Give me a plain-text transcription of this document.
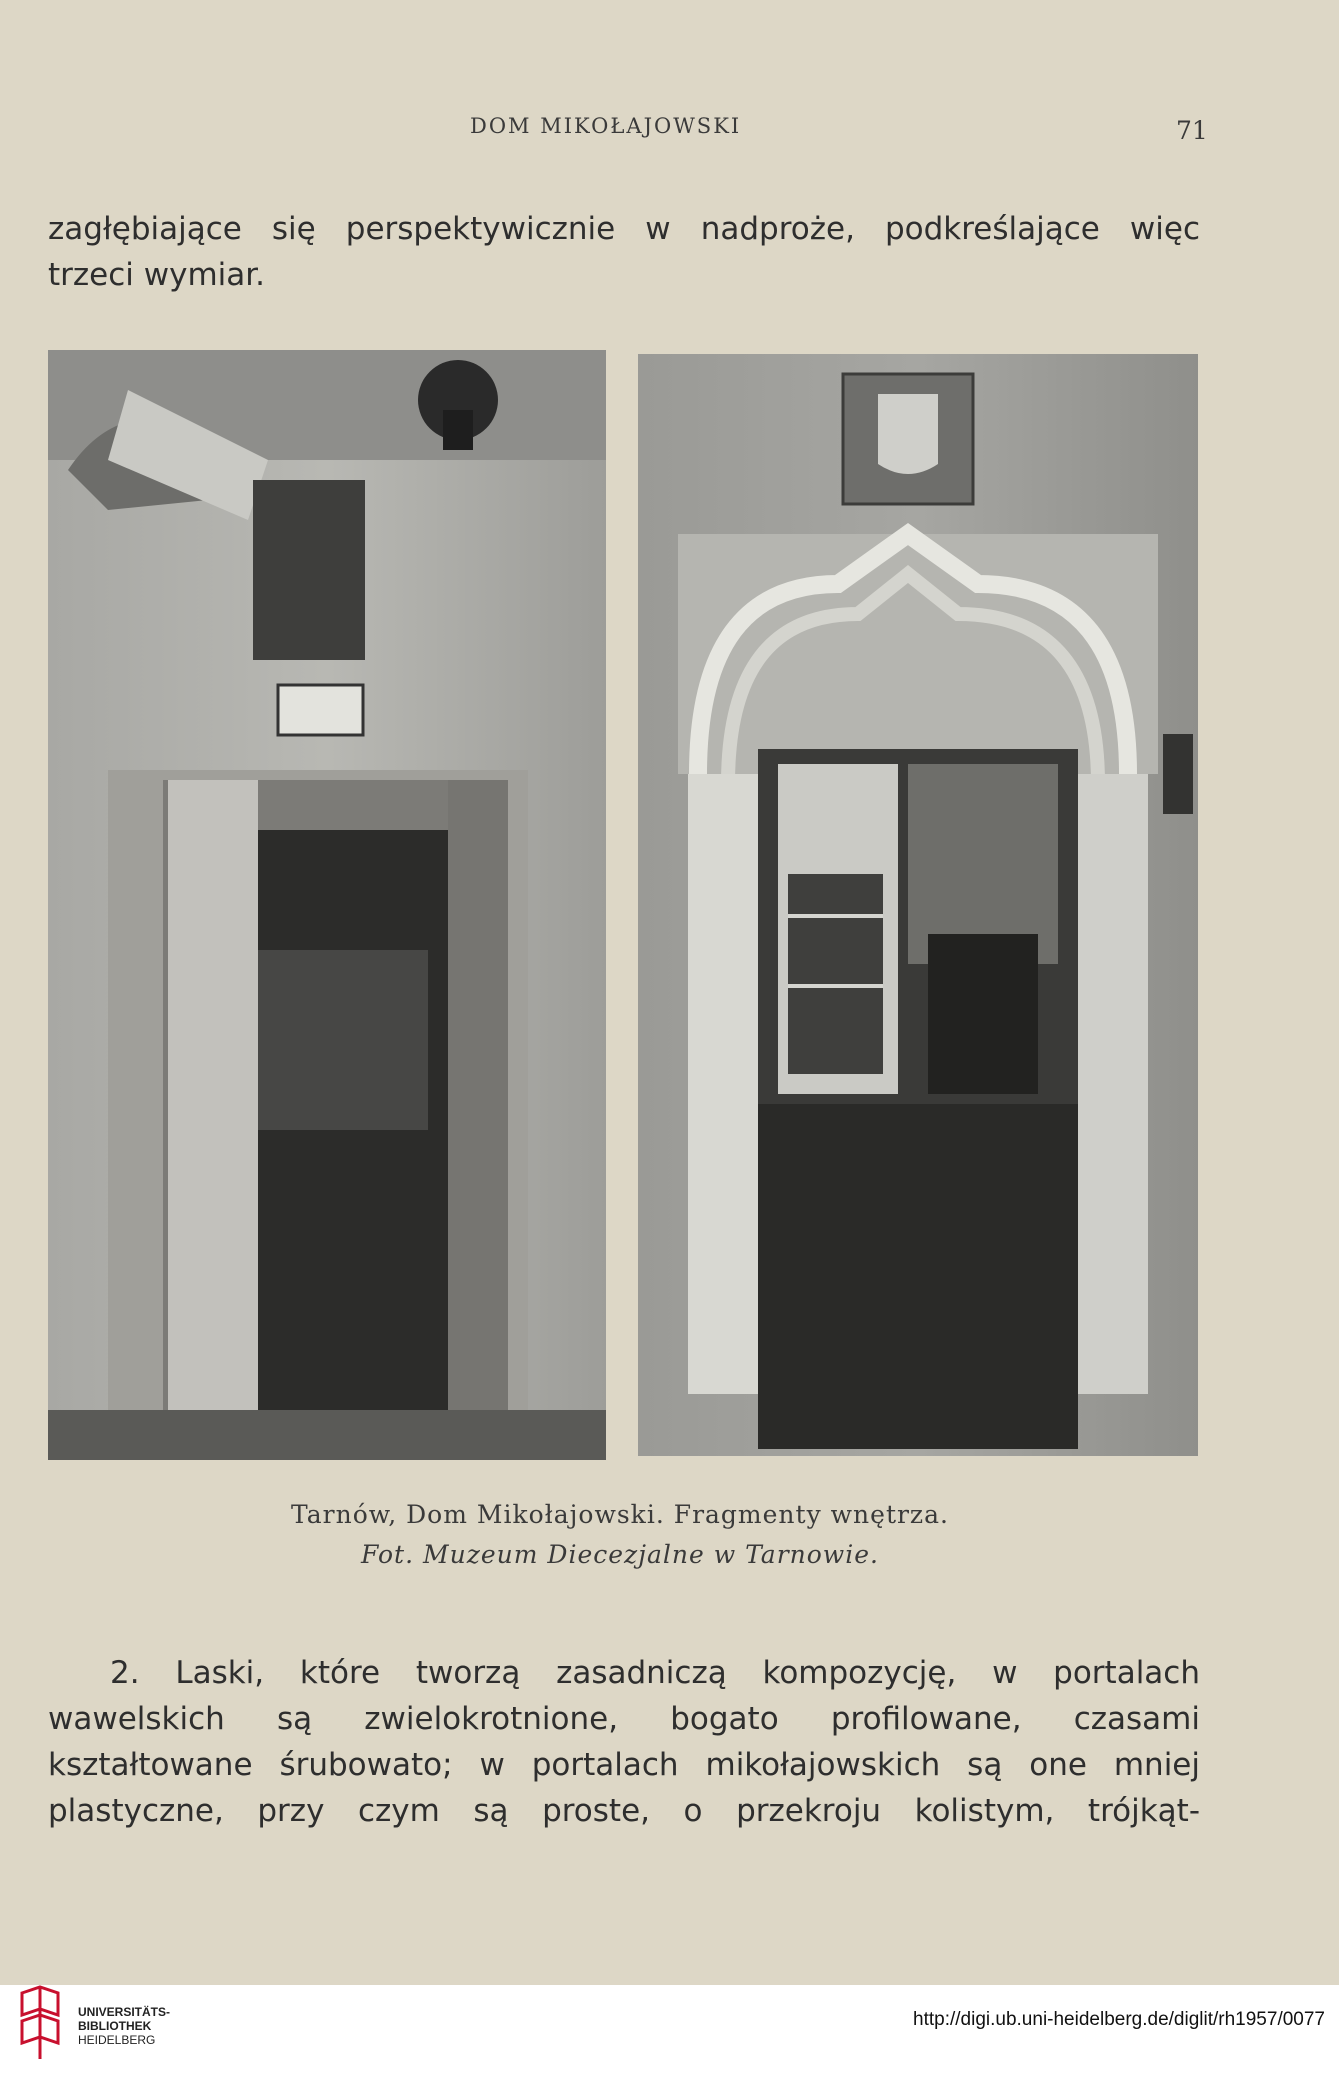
DOM MIKOŁAJOWSKI	71
zagłębiające się perspektywicznie w nadproże, podkreślające więc
trzeci wymiar.
Tarnów, Dom Mikołajowski. Fragmenty wnętrza.
Fot. Muzeum Diecezjalne w Tarnowie.
2. Laski, które tworzą zasadniczą kompozycję, w portalach
wawelskich są zwielokrotnione, bogato profilowane, czasami
kształtowane śrubowato; w portalach mikołajowskich są one mniej
plastyczne, przy czym są proste, o przekroju kolistym, trójkąt-
UNIVERSITÄTS-
BIBLIOTHEK
HEIDELBERG
http://digi.ub.uni-heidelberg.de/diglit/rh1957/0077
